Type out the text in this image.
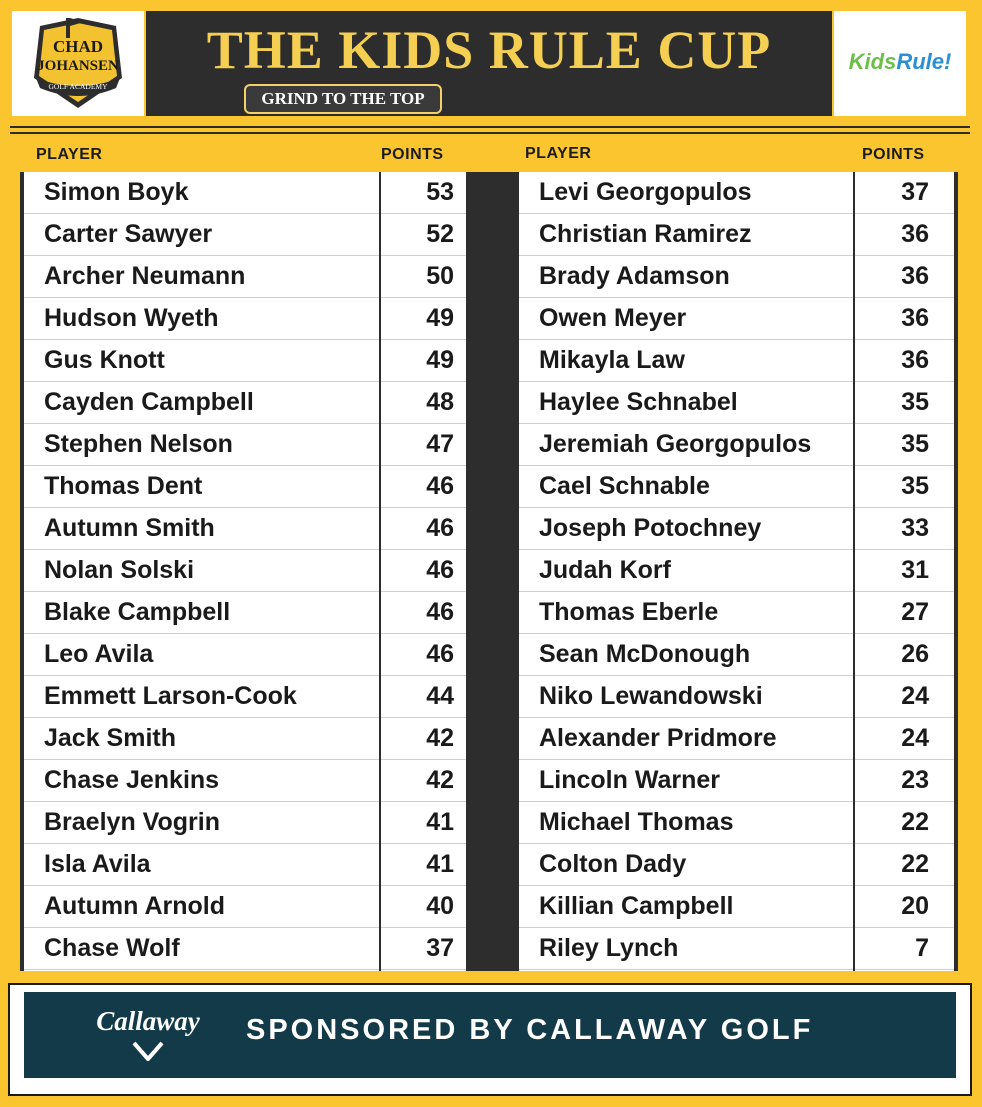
CHAD
JOHANSEN
GOLF ACADEMY
THE KIDS RULE CUP
GRIND TO THE TOP
KidsRule!
PLAYER	POINTS	PLAYER	POINTS
Simon Boyk	53
Carter Sawyer	52
Archer Neumann	50
Hudson Wyeth	49
Gus Knott	49
Cayden Campbell	48
Stephen Nelson	47
Thomas Dent	46
Autumn Smith	46
Nolan Solski	46
Blake Campbell	46
Leo Avila	46
Emmett Larson-Cook	44
Jack Smith	42
Chase Jenkins	42
Braelyn Vogrin	41
Isla Avila	41
Autumn Arnold	40
Chase Wolf	37
Levi Georgopulos	37
Christian Ramirez	36
Brady Adamson	36
Owen Meyer	36
Mikayla Law	36
Haylee Schnabel	35
Jeremiah Georgopulos	35
Cael Schnable	35
Joseph Potochney	33
Judah Korf	31
Thomas Eberle	27
Sean McDonough	26
Niko Lewandowski	24
Alexander Pridmore	24
Lincoln Warner	23
Michael Thomas	22
Colton Dady	22
Killian Campbell	20
Riley Lynch	7
Callaway	SPONSORED BY CALLAWAY GOLF
